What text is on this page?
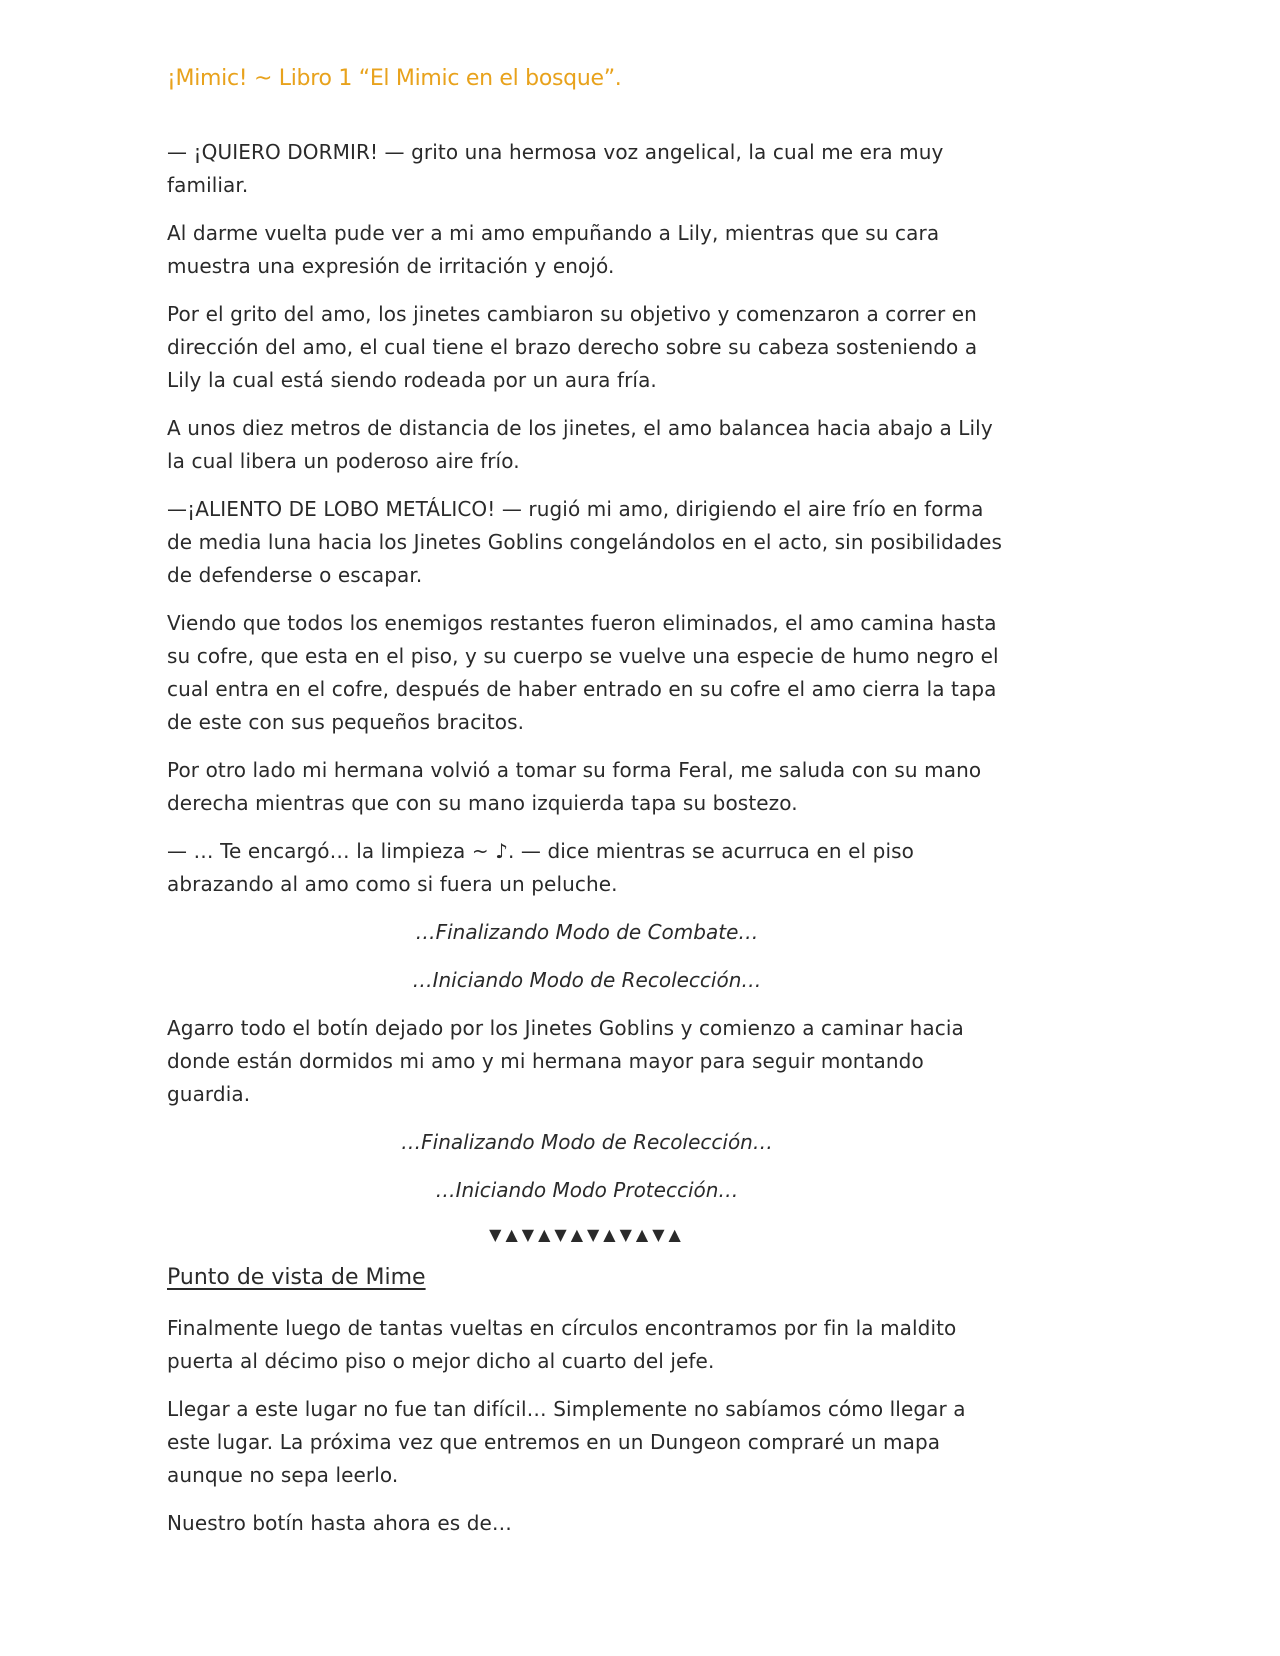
¡Mimic! ~ Libro 1 “El Mimic en el bosque”.

— ¡QUIERO DORMIR! — grito una hermosa voz angelical, la cual me era muy familiar.

Al darme vuelta pude ver a mi amo empuñando a Lily, mientras que su cara muestra una expresión de irritación y enojó.

Por el grito del amo, los jinetes cambiaron su objetivo y comenzaron a correr en dirección del amo, el cual tiene el brazo derecho sobre su cabeza sosteniendo a Lily la cual está siendo rodeada por un aura fría.

A unos diez metros de distancia de los jinetes, el amo balancea hacia abajo a Lily la cual libera un poderoso aire frío.

—¡ALIENTO DE LOBO METÁLICO! — rugió mi amo, dirigiendo el aire frío en forma de media luna hacia los Jinetes Goblins congelándolos en el acto, sin posibilidades de defenderse o escapar.

Viendo que todos los enemigos restantes fueron eliminados, el amo camina hasta su cofre, que esta en el piso, y su cuerpo se vuelve una especie de humo negro el cual entra en el cofre, después de haber entrado en su cofre el amo cierra la tapa de este con sus pequeños bracitos.

Por otro lado mi hermana volvió a tomar su forma Feral, me saluda con su mano derecha mientras que con su mano izquierda tapa su bostezo.

— … Te encargó… la limpieza ~ ♪. — dice mientras se acurruca en el piso abrazando al amo como si fuera un peluche.

…Finalizando Modo de Combate…

…Iniciando Modo de Recolección…

Agarro todo el botín dejado por los Jinetes Goblins y comienzo a caminar hacia donde están dormidos mi amo y mi hermana mayor para seguir montando guardia.

…Finalizando Modo de Recolección…

…Iniciando Modo Protección…

▼▲▼▲▼▲▼▲▼▲▼▲
Punto de vista de Mime

Finalmente luego de tantas vueltas en círculos encontramos por fin la maldito puerta al décimo piso o mejor dicho al cuarto del jefe.

Llegar a este lugar no fue tan difícil… Simplemente no sabíamos cómo llegar a este lugar. La próxima vez que entremos en un Dungeon compraré un mapa aunque no sepa leerlo.

Nuestro botín hasta ahora es de…
